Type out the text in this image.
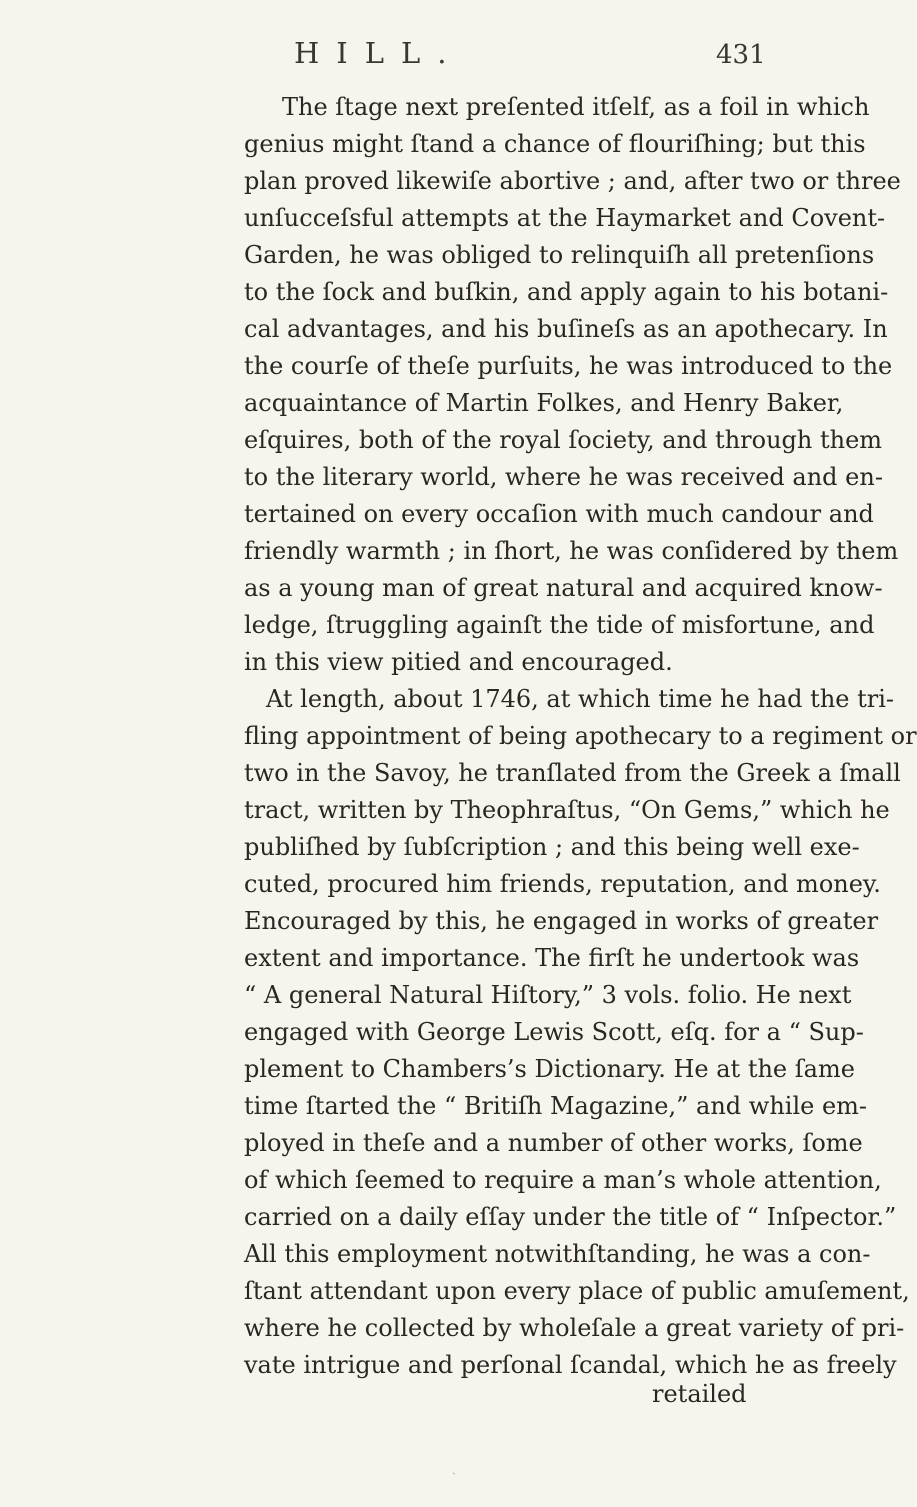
HILL.	431
The ſtage next preſented itſelf, as a foil in which
genius might ſtand a chance of flouriſhing; but this
plan proved likewiſe abortive ; and, after two or three
unſucceſsful attempts at the Haymarket and Covent-
Garden, he was obliged to relinquiſh all pretenſions
to the ſock and buſkin, and apply again to his botani-
cal advantages, and his buſineſs as an apothecary. In
the courſe of theſe purſuits, he was introduced to the
acquaintance of Martin Folkes, and Henry Baker,
eſquires, both of the royal ſociety, and through them
to the literary world, where he was received and en-
tertained on every occaſion with much candour and
friendly warmth ; in ſhort, he was conſidered by them
as a young man of great natural and acquired know-
ledge, ſtruggling againſt the tide of misfortune, and
in this view pitied and encouraged.
At length, about 1746, at which time he had the tri-
fling appointment of being apothecary to a regiment or
two in the Savoy, he tranſlated from the Greek a ſmall
tract, written by Theophraſtus, “On Gems,” which he
publiſhed by ſubſcription ; and this being well exe-
cuted, procured him friends, reputation, and money.
Encouraged by this, he engaged in works of greater
extent and importance. The firſt he undertook was
“ A general Natural Hiſtory,” 3 vols. folio. He next
engaged with George Lewis Scott, eſq. for a “ Sup-
plement to Chambers’s Dictionary. He at the ſame
time ſtarted the “ Britiſh Magazine,” and while em-
ployed in theſe and a number of other works, ſome
of which ſeemed to require a man’s whole attention,
carried on a daily eſſay under the title of “ Inſpector.”
All this employment notwithſtanding, he was a con-
ſtant attendant upon every place of public amuſement,
where he collected by wholeſale a great variety of pri-
vate intrigue and perſonal ſcandal, which he as freely
retailed
ˏ
